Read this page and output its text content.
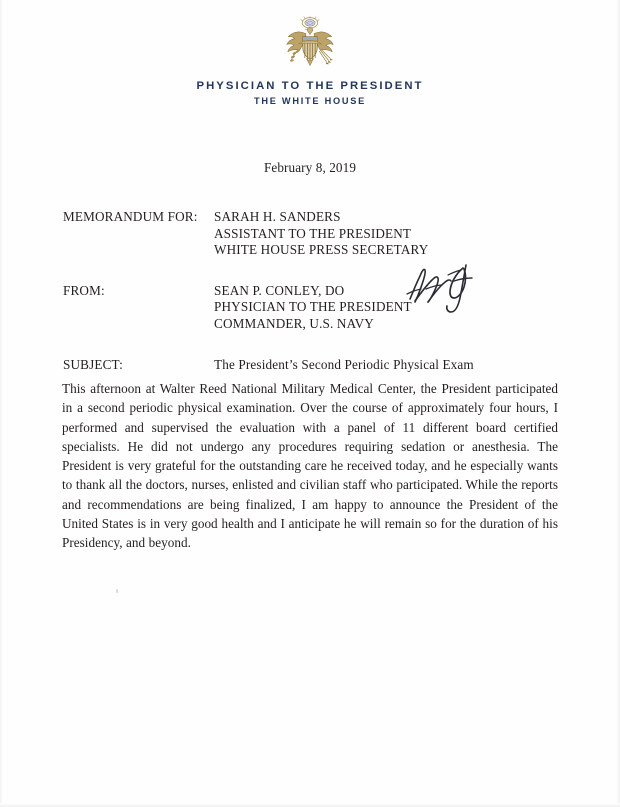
PHYSICIAN TO THE PRESIDENT
THE WHITE HOUSE
February 8, 2019
MEMORANDUM FOR:	SARAH H. SANDERS
ASSISTANT TO THE PRESIDENT
WHITE HOUSE PRESS SECRETARY
FROM:	SEAN P. CONLEY, DO
PHYSICIAN TO THE PRESIDENT
COMMANDER, U.S. NAVY
SUBJECT:	The President’s Second Periodic Physical Exam
This afternoon at Walter Reed National Military Medical Center, the President participated in a second periodic physical examination. Over the course of approximately four hours, I performed and supervised the evaluation with a panel of 11 different board certified specialists. He did not undergo any procedures requiring sedation or anesthesia. The President is very grateful for the outstanding care he received today, and he especially wants to thank all the doctors, nurses, enlisted and civilian staff who participated. While the reports and recommendations are being finalized, I am happy to announce the President of the United States is in very good health and I anticipate he will remain so for the duration of his Presidency, and beyond.
